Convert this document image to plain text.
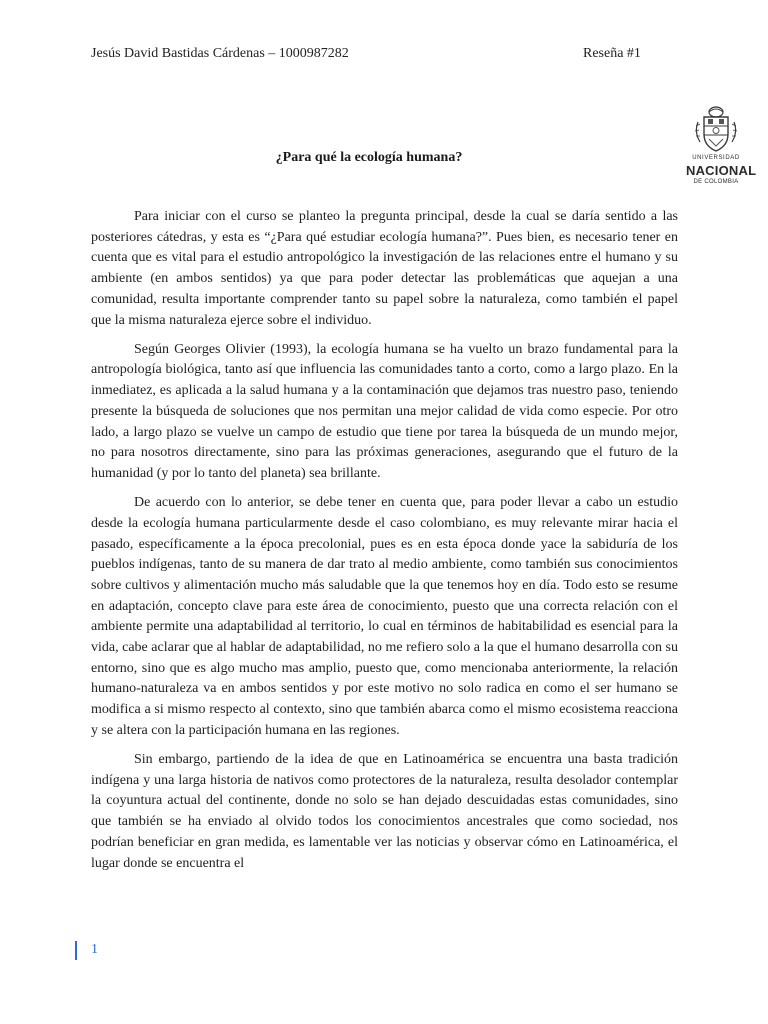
Jesús David Bastidas Cárdenas – 1000987282	Reseña #1
UNIVERSIDAD
NACIONAL
DE COLOMBIA
¿Para qué la ecología humana?

Para iniciar con el curso se planteo la pregunta principal, desde la cual se daría sentido a las posteriores cátedras, y esta es “¿Para qué estudiar ecología humana?”. Pues bien, es necesario tener en cuenta que es vital para el estudio antropológico la investigación de las relaciones entre el humano y su ambiente (en ambos sentidos) ya que para poder detectar las problemáticas que aquejan a una comunidad, resulta importante comprender tanto su papel sobre la naturaleza, como también el papel que la misma naturaleza ejerce sobre el individuo.

Según Georges Olivier (1993), la ecología humana se ha vuelto un brazo fundamental para la antropología biológica, tanto así que influencia las comunidades tanto a corto, como a largo plazo. En la inmediatez, es aplicada a la salud humana y a la contaminación que dejamos tras nuestro paso, teniendo presente la búsqueda de soluciones que nos permitan una mejor calidad de vida como especie. Por otro lado, a largo plazo se vuelve un campo de estudio que tiene por tarea la búsqueda de un mundo mejor, no para nosotros directamente, sino para las próximas generaciones, asegurando que el futuro de la humanidad (y por lo tanto del planeta) sea brillante.

De acuerdo con lo anterior, se debe tener en cuenta que, para poder llevar a cabo un estudio desde la ecología humana particularmente desde el caso colombiano, es muy relevante mirar hacia el pasado, específicamente a la época precolonial, pues es en esta época donde yace la sabiduría de los pueblos indígenas, tanto de su manera de dar trato al medio ambiente, como también sus conocimientos sobre cultivos y alimentación mucho más saludable que la que tenemos hoy en día. Todo esto se resume en adaptación, concepto clave para este área de conocimiento, puesto que una correcta relación con el ambiente permite una adaptabilidad al territorio, lo cual en términos de habitabilidad es esencial para la vida, cabe aclarar que al hablar de adaptabilidad, no me refiero solo a la que el humano desarrolla con su entorno, sino que es algo mucho mas amplio, puesto que, como mencionaba anteriormente, la relación humano-naturaleza va en ambos sentidos y por este motivo no solo radica en como el ser humano se modifica a si mismo respecto al contexto, sino que también abarca como el mismo ecosistema reacciona y se altera con la participación humana en las regiones.

Sin embargo, partiendo de la idea de que en Latinoamérica se encuentra una basta tradición indígena y una larga historia de nativos como protectores de la naturaleza, resulta desolador contemplar la coyuntura actual del continente, donde no solo se han dejado descuidadas estas comunidades, sino que también se ha enviado al olvido todos los conocimientos ancestrales que como sociedad, nos podrían beneficiar en gran medida, es lamentable ver las noticias y observar cómo en Latinoamérica, el lugar donde se encuentra el

1
